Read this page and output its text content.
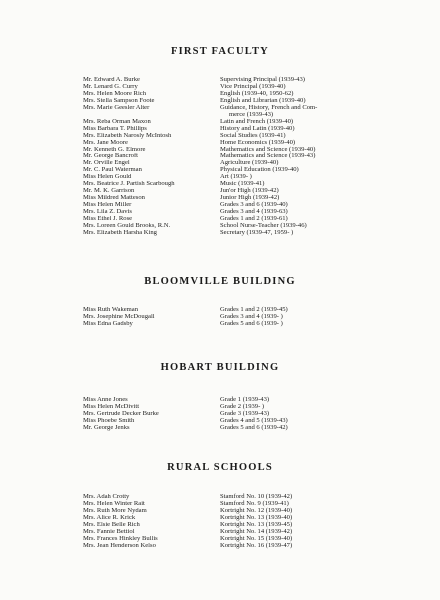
FIRST FACULTY
Mr. Edward A. Burke	Supervising Principal (1939-43)
Mr. Lenard G. Curry	Vice Principal (1939-40)
Mrs. Helen Moore Rich	English (1939-40, 1950-62)
Mrs. Stella Sampson Foote	English and Librarian (1939-40)
Mrs. Marie Geesler Alter	Guidance, History, French and Com-
merce (1939-43)
Mrs. Reba Orman Maxon	Latin and French (1939-40)
Miss Barbara T. Phillips	History and Latin (1939-40)
Mrs. Elizabeth Narosly McIntosh	Social Studies (1939-41)
Mrs. Jane Moore	Home Economics (1939-40)
Mr. Kenneth G. Elmore	Mathematics and Science (1939-40)
Mr. George Bancroft	Mathematics and Science (1939-43)
Mr. Orville Engel	Agriculture (1939-40)
Mr. C. Paul Waterman	Physical Education (1939-40)
Miss Helen Gould	Art (1939- )
Mrs. Beatrice J. Partish Scarbough	Music (1939-41)
Mr. M. K. Garrison	Jun'or High (1939-42)
Miss Mildred Matteson	Junior High (1939-42)
Miss Helen Miller	Grades 3 and 6 (1939-40)
Mrs. Lila Z. Davis	Grades 3 and 4 (1939-63)
Miss Ethel J. Rose	Grades 1 and 2 (1939-61)
Mrs. Loreen Gould Brooks, R.N.	School Nurse-Teacher (1939-46)
Mrs. Elizabeth Harsha King	Secretary (1939-47, 1959- )
BLOOMVILLE BUILDING
Miss Ruth Wakeman	Grades 1 and 2 (1939-45)
Mrs. Josephine McDougall	Grades 3 and 4 (1939- )
Miss Edna Gadsby	Grades 5 and 6 (1939- )
HOBART BUILDING
Miss Anne Jones	Grade 1 (1939-43)
Miss Helen McDivitt	Grade 2 (1939- )
Mrs. Gertrude Decker Burke	Grade 3 (1939-43)
Miss Phoebe Smith	Grades 4 and 5 (1939-43)
Mr. George Jenks	Grades 5 and 6 (1939-42)
RURAL SCHOOLS
Mrs. Adah Crotty	Stamford No. 10 (1939-42)
Mrs. Helen Winter Rait	Stamford No. 9 (1939-41)
Mrs. Ruth More Nydam	Kortright No. 12 (1939-40)
Mrs. Alice R. Krick	Kortright No. 13 (1939-40)
Mrs. Elsie Belle Rich	Kortright No. 13 (1939-45)
Mrs. Fannie Bettiol	Kortright No. 14 (1939-42)
Mrs. Frances Hinkley Bullis	Kortright No. 15 (1939-40)
Mrs. Jean Henderson Kelso	Kortright No. 16 (1939-47)
